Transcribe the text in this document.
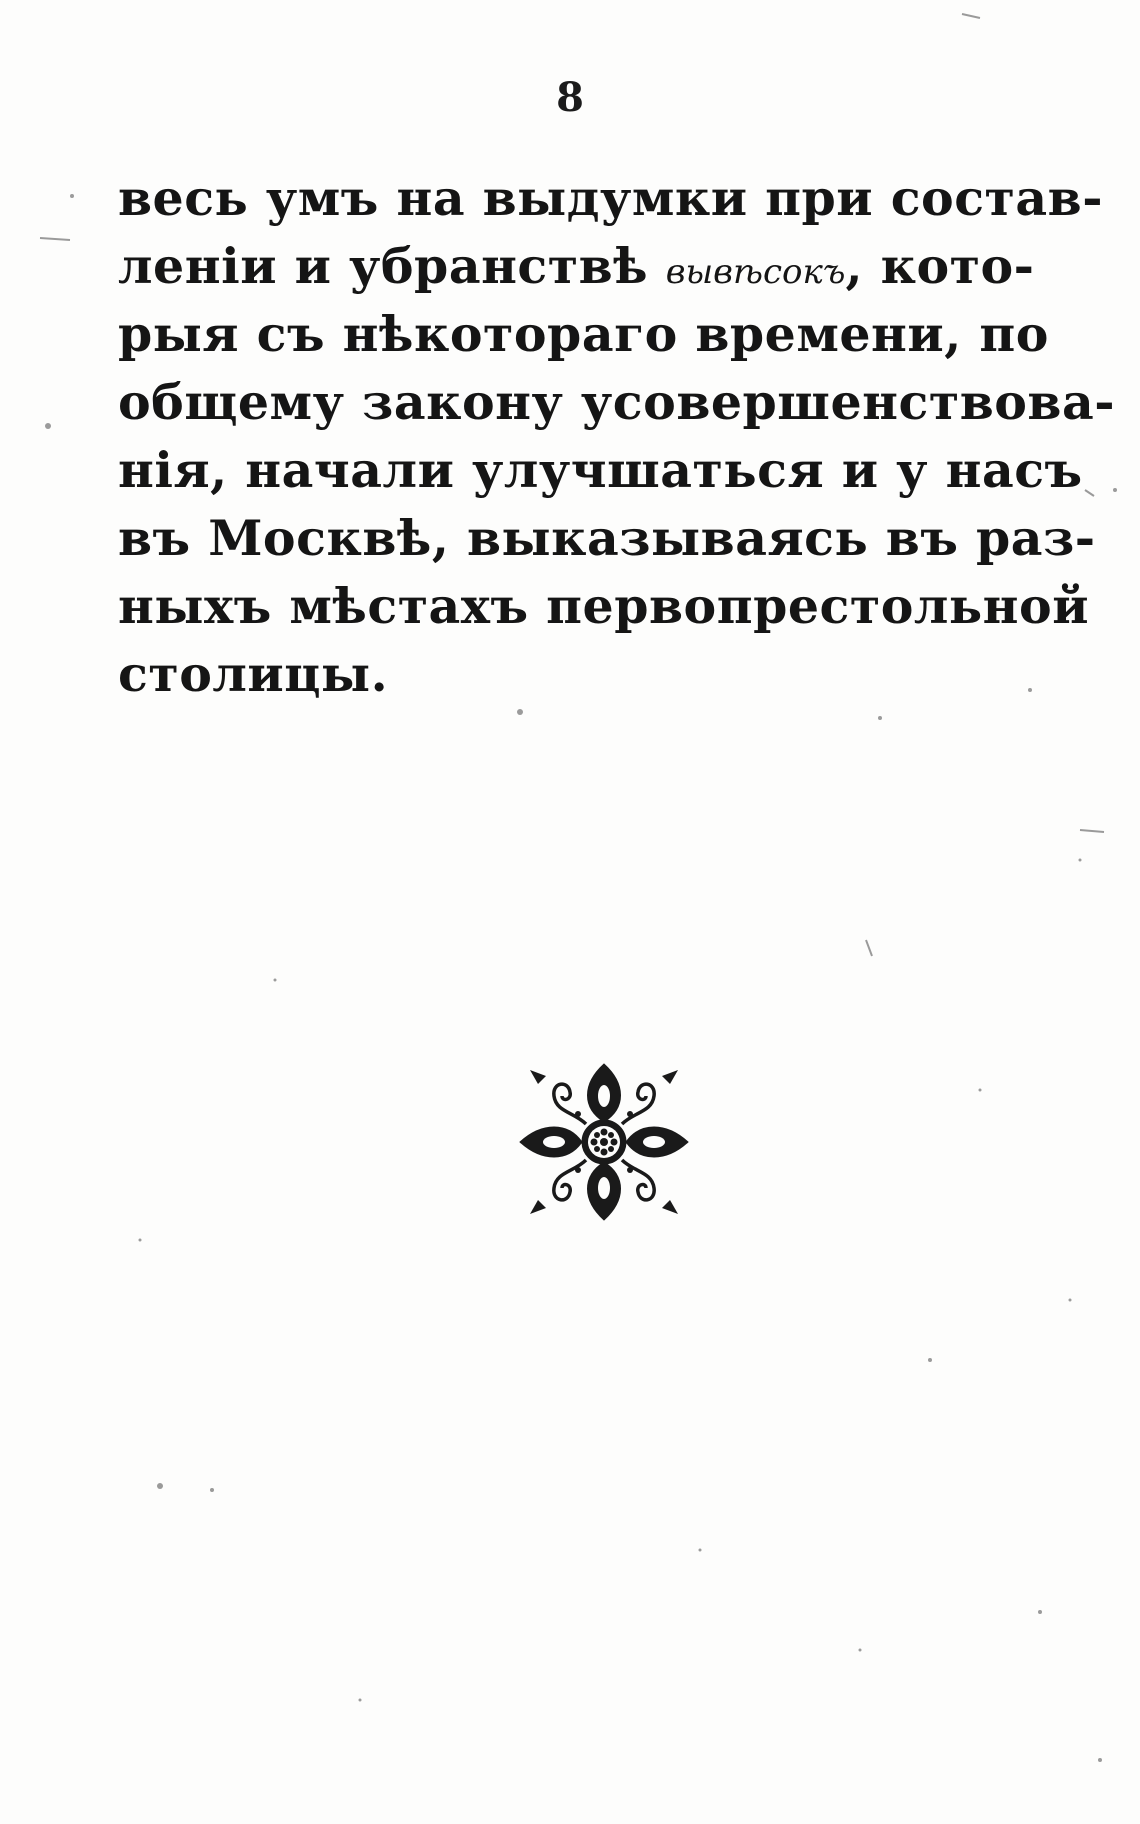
8
весь умъ на выдумки при состав-
леніи и убранствѣ вывѣсокъ, кото-
рыя съ нѣкотораго времени, по
общему закону усовершенствова-
нія, начали улучшаться и у насъ
въ Москвѣ, выказываясь въ раз-
ныхъ мѣстахъ первопрестольной
столицы.
